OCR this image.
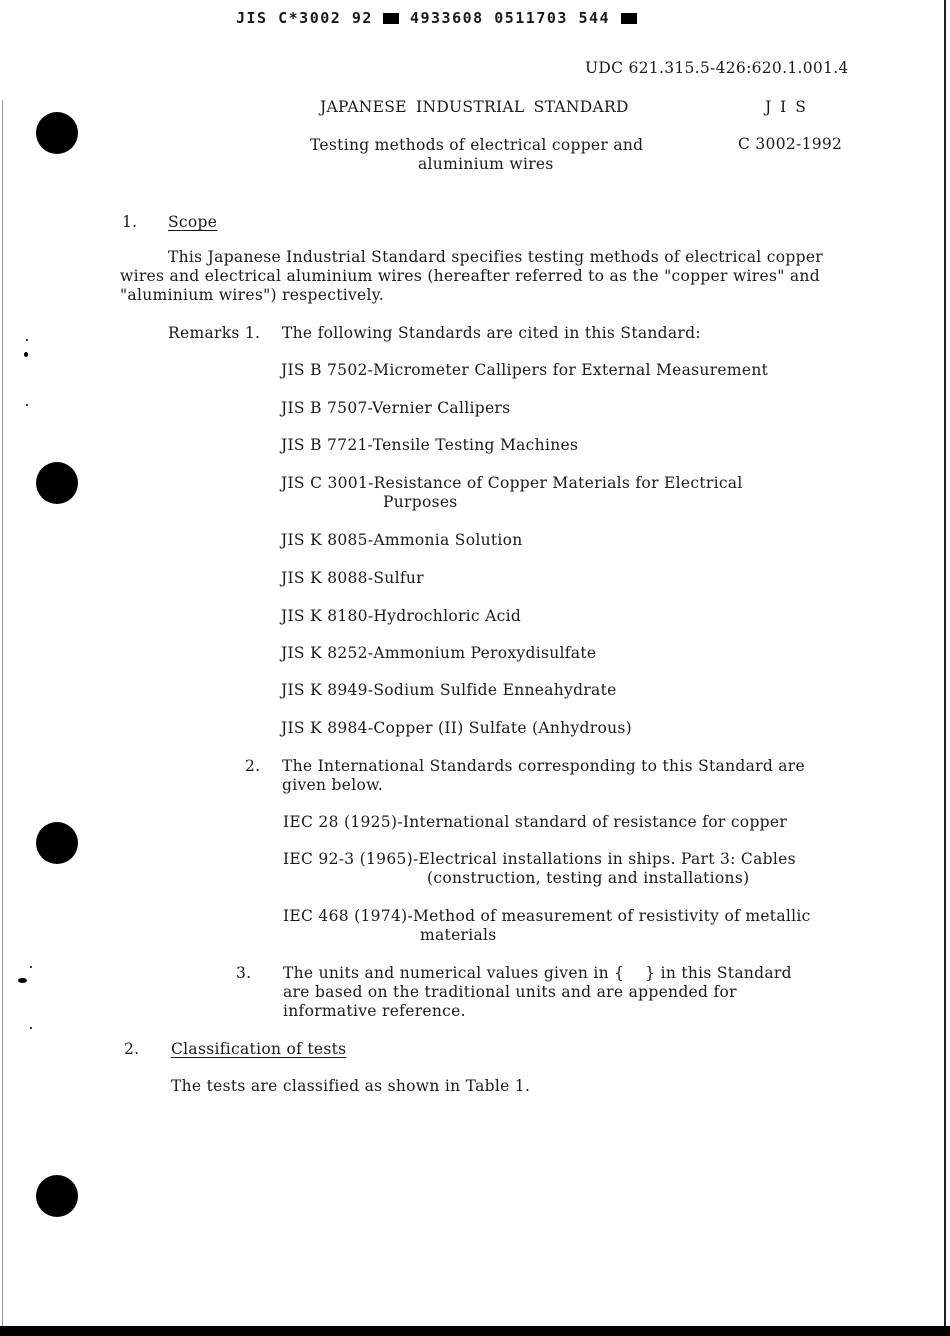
JIS C*3002 92 4933608 0511703 544
UDC 621.315.5-426:620.1.001.4
JAPANESE INDUSTRIAL STANDARD	J I S
Testing methods of electrical copper and
aluminium wires
C 3002-1992
1. Scope

This Japanese Industrial Standard specifies testing methods of electrical copper wires and electrical aluminium wires (hereafter referred to as the "copper wires" and "aluminium wires") respectively.

Remarks 1. The following Standards are cited in this Standard:
JIS B 7502-Micrometer Callipers for External Measurement
JIS B 7507-Vernier Callipers
JIS B 7721-Tensile Testing Machines
JIS C 3001-Resistance of Copper Materials for Electrical
Purposes
JIS K 8085-Ammonia Solution
JIS K 8088-Sulfur
JIS K 8180-Hydrochloric Acid
JIS K 8252-Ammonium Peroxydisulfate
JIS K 8949-Sodium Sulfide Enneahydrate
JIS K 8984-Copper (II) Sulfate (Anhydrous)
2. The International Standards corresponding to this Standard are
given below.
IEC 28 (1925)-International standard of resistance for copper
IEC 92-3 (1965)-Electrical installations in ships. Part 3: Cables
(construction, testing and installations)
IEC 468 (1974)-Method of measurement of resistivity of metallic
materials
3. The units and numerical values given in {    } in this Standard
are based on the traditional units and are appended for
informative reference.
2. Classification of tests
The tests are classified as shown in Table 1.
